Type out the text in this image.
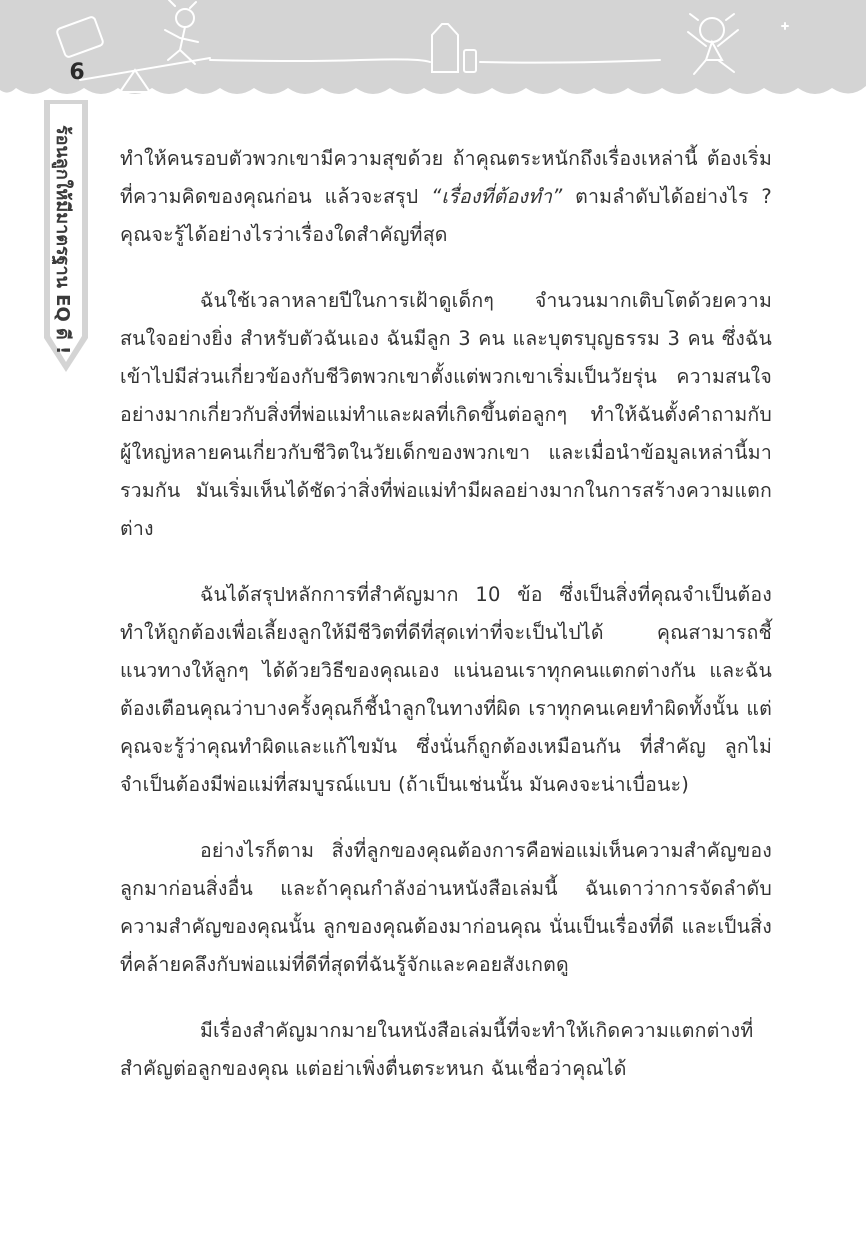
6
ร้อนลูกให้มีมาตรฐาน EQ ดี ! ทำให้คนรอบตัวพวกเขามีความสุขด้วย ถ้าคุณตระหนักถึงเรื่องเหล่านี้ ต้องเริ่มที่ความคิดของคุณก่อน แล้วจะสรุป “เรื่องที่ต้องทำ” ตามลำดับได้อย่างไร ? คุณจะรู้ได้อย่างไรว่าเรื่องใดสำคัญที่สุด

ฉันใช้เวลาหลายปีในการเฝ้าดูเด็กๆ จำนวนมากเติบโตด้วยความสนใจอย่างยิ่ง สำหรับตัวฉันเอง ฉันมีลูก 3 คน และบุตรบุญธรรม 3 คน ซึ่งฉันเข้าไปมีส่วนเกี่ยวข้องกับชีวิตพวกเขาตั้งแต่พวกเขาเริ่มเป็นวัยรุ่น ความสนใจอย่างมากเกี่ยวกับสิ่งที่พ่อแม่ทำและผลที่เกิดขึ้นต่อลูกๆ ทำให้ฉันตั้งคำถามกับผู้ใหญ่หลายคนเกี่ยวกับชีวิตในวัยเด็กของพวกเขา และเมื่อนำข้อมูลเหล่านี้มารวมกัน มันเริ่มเห็นได้ชัดว่าสิ่งที่พ่อแม่ทำมีผลอย่างมากในการสร้างความแตกต่าง

ฉันได้สรุปหลักการที่สำคัญมาก 10 ข้อ ซึ่งเป็นสิ่งที่คุณจำเป็นต้องทำให้ถูกต้องเพื่อเลี้ยงลูกให้มีชีวิตที่ดีที่สุดเท่าที่จะเป็นไปได้ คุณสามารถชี้แนวทางให้ลูกๆ ได้ด้วยวิธีของคุณเอง แน่นอนเราทุกคนแตกต่างกัน และฉันต้องเตือนคุณว่าบางครั้งคุณก็ชี้นำลูกในทางที่ผิด เราทุกคนเคยทำผิดทั้งนั้น แต่คุณจะรู้ว่าคุณทำผิดและแก้ไขมัน ซึ่งนั่นก็ถูกต้องเหมือนกัน ที่สำคัญ ลูกไม่จำเป็นต้องมีพ่อแม่ที่สมบูรณ์แบบ (ถ้าเป็นเช่นนั้น มันคงจะน่าเบื่อนะ)

อย่างไรก็ตาม สิ่งที่ลูกของคุณต้องการคือพ่อแม่เห็นความสำคัญของลูกมาก่อนสิ่งอื่น และถ้าคุณกำลังอ่านหนังสือเล่มนี้ ฉันเดาว่าการจัดลำดับความสำคัญของคุณนั้น ลูกของคุณต้องมาก่อนคุณ นั่นเป็นเรื่องที่ดี และเป็นสิ่งที่คล้ายคลึงกับพ่อแม่ที่ดีที่สุดที่ฉันรู้จักและคอยสังเกตดู

มีเรื่องสำคัญมากมายในหนังสือเล่มนี้ที่จะทำให้เกิดความแตกต่างที่สำคัญต่อลูกของคุณ แต่อย่าเพิ่งตื่นตระหนก ฉันเชื่อว่าคุณได้
